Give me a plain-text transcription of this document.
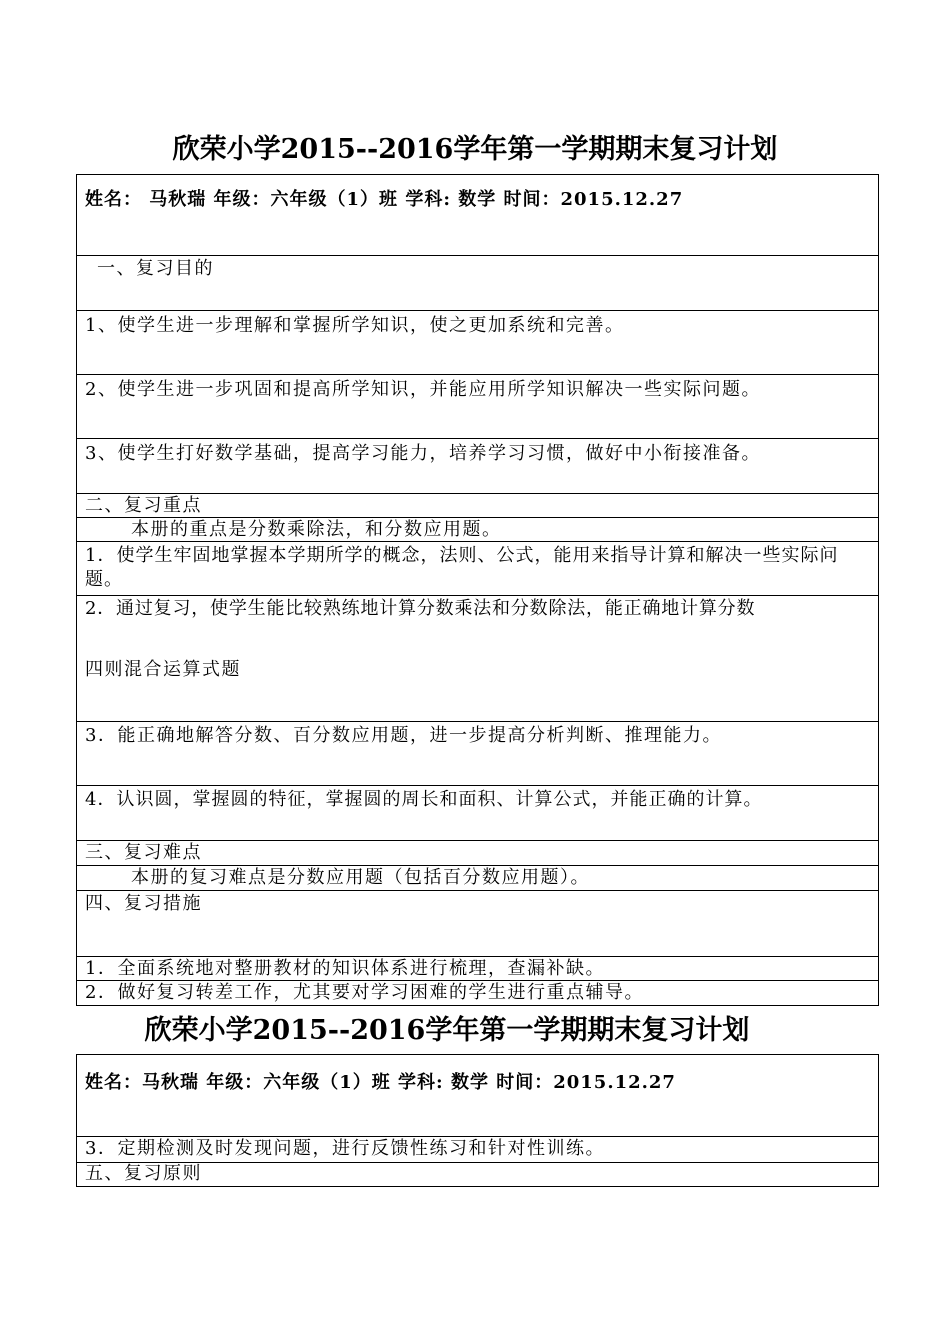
欣荣小学2015--2016学年第一学期期末复习计划
姓名： 马秋瑞 年级：六年级（1）班 学科: 数学 时间：2015.12.27
一、复习目的
1、使学生进一步理解和掌握所学知识，使之更加系统和完善。
2、使学生进一步巩固和提高所学知识，并能应用所学知识解决一些实际问题。
3、使学生打好数学基础，提高学习能力，培养学习习惯，做好中小衔接准备。
二、复习重点
本册的重点是分数乘除法，和分数应用题。
1．使学生牢固地掌握本学期所学的概念，法则、公式，能用来指导计算和解决一些实际问题。
2．通过复习，使学生能比较熟练地计算分数乘法和分数除法，能正确地计算分数
四则混合运算式题
3．能正确地解答分数、百分数应用题，进一步提高分析判断、推理能力。
4．认识圆，掌握圆的特征，掌握圆的周长和面积、计算公式，并能正确的计算。
三、复习难点
本册的复习难点是分数应用题（包括百分数应用题）。
四、复习措施
1．全面系统地对整册教材的知识体系进行梳理，查漏补缺。
2．做好复习转差工作，尤其要对学习困难的学生进行重点辅导。
欣荣小学2015--2016学年第一学期期末复习计划
姓名：马秋瑞 年级：六年级（1）班 学科: 数学 时间：2015.12.27
3．定期检测及时发现问题，进行反馈性练习和针对性训练。
五、复习原则
